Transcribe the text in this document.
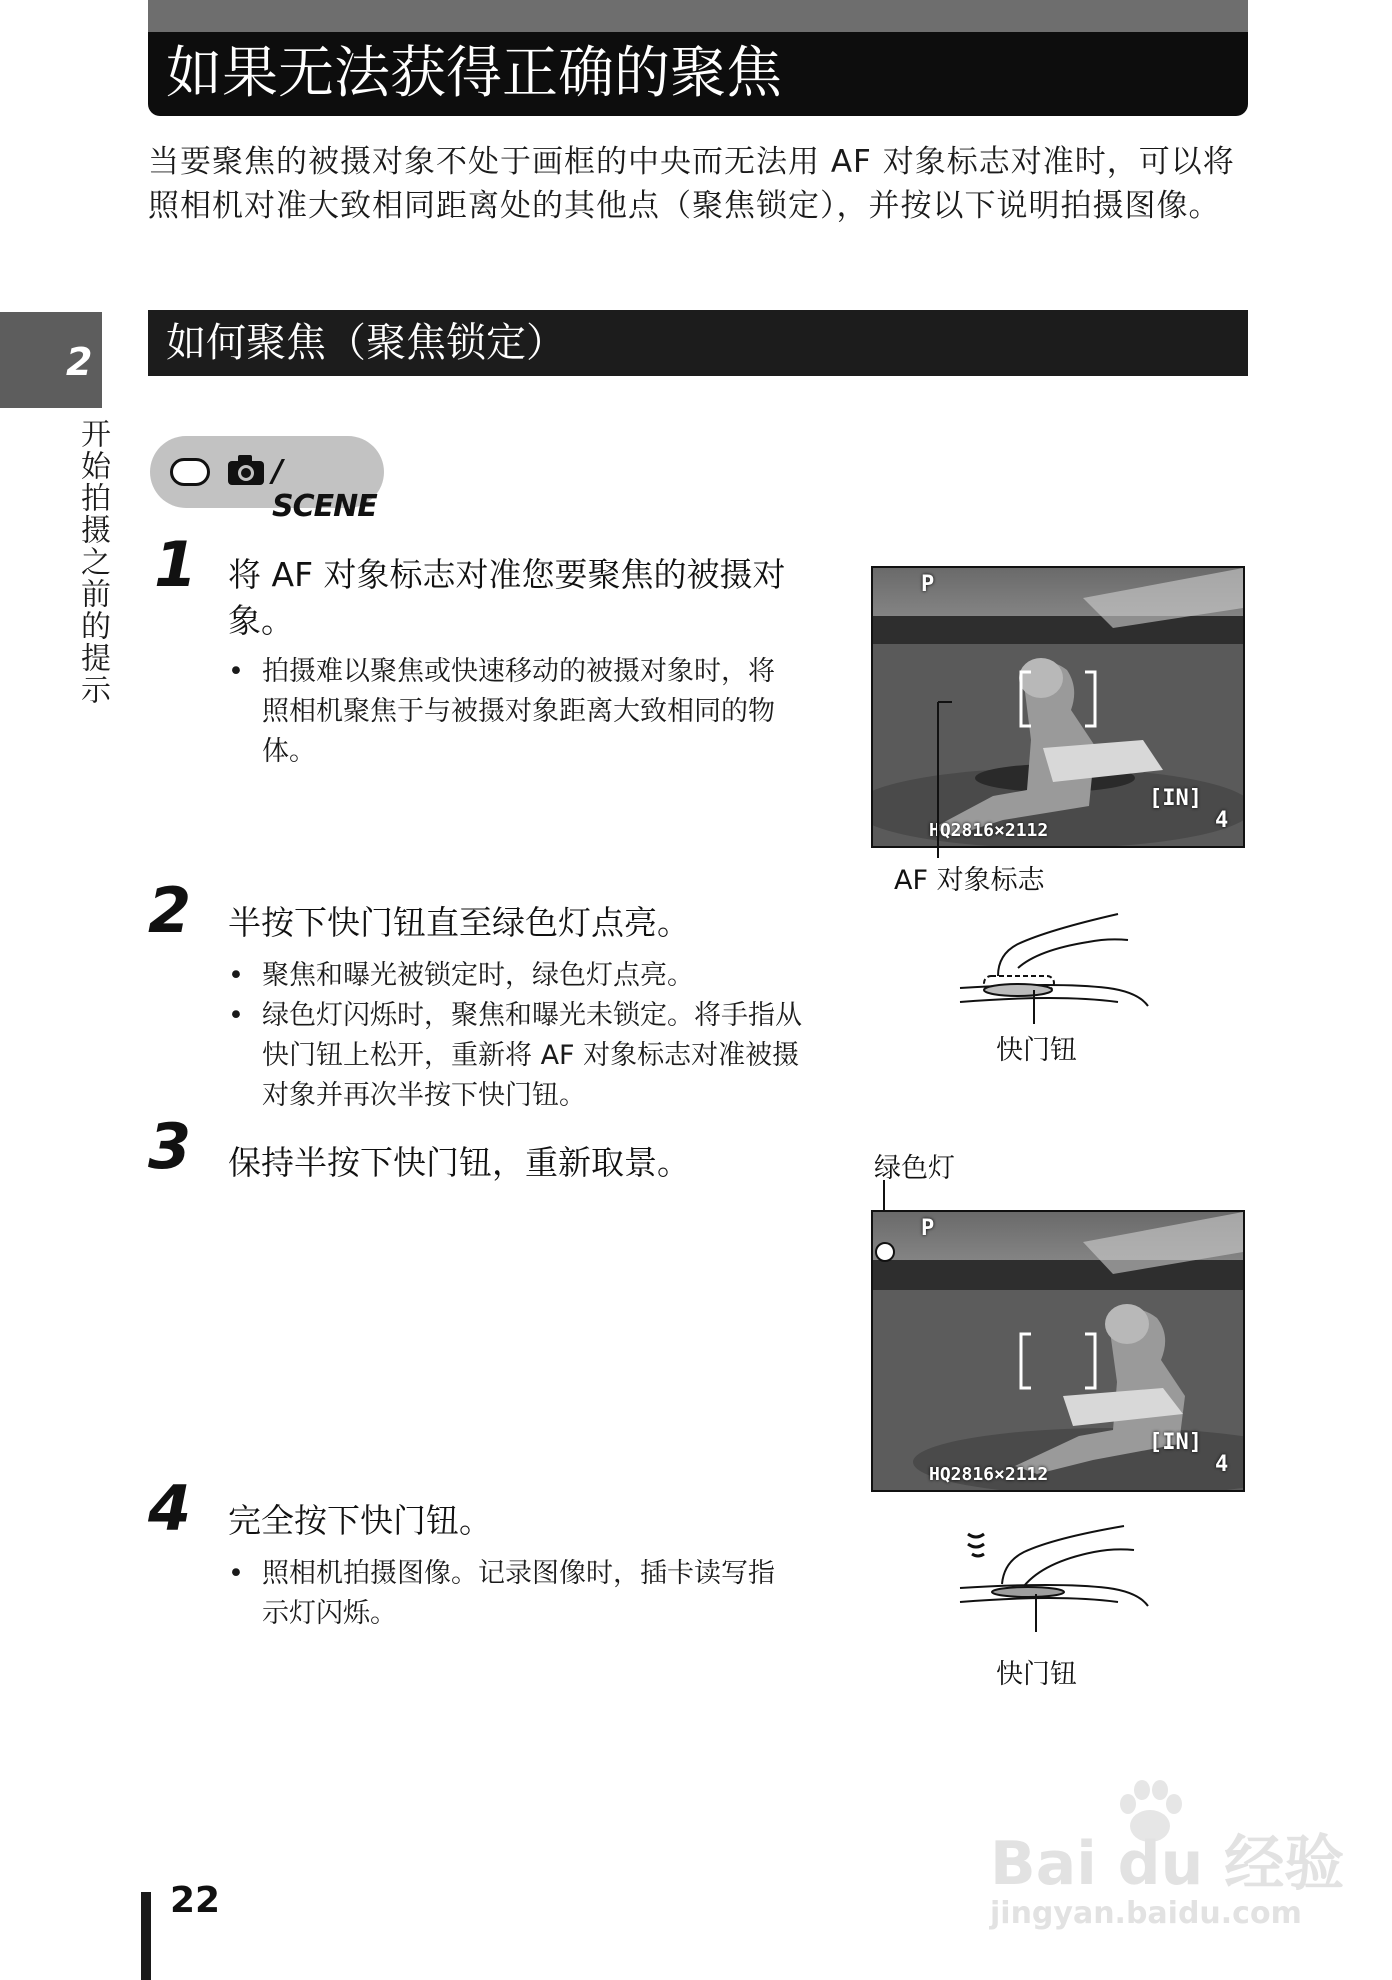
如果无法获得正确的聚焦

当要聚焦的被摄对象不处于画框的中央而无法用 AF 对象标志对准时，可以将照相机对准大致相同距离处的其他点（聚焦锁定），并按以下说明拍摄图像。

如何聚焦（聚焦锁定）
2
开始拍摄之前的提示	/ SCENE
1 将 AF 对象标志对准您要聚焦的被摄对象。

• 拍摄难以聚焦或快速移动的被摄对象时，将照相机聚焦于与被摄对象距离大致相同的物体。
2 半按下快门钮直至绿色灯点亮。

• 聚焦和曝光被锁定时，绿色灯点亮。
• 绿色灯闪烁时，聚焦和曝光未锁定。将手指从快门钮上松开，重新将 AF 对象标志对准被摄对象并再次半按下快门钮。
3 保持半按下快门钮，重新取景。

4 完全按下快门钮。

• 照相机拍摄图像。记录图像时，插卡读写指示灯闪烁。
P
[IN]
4
HQ2816×2112
AF 对象标志
快门钮
绿色灯
P
[IN]
4
HQ2816×2112
快门钮
22
Bai du 经验
jingyan.baidu.com
